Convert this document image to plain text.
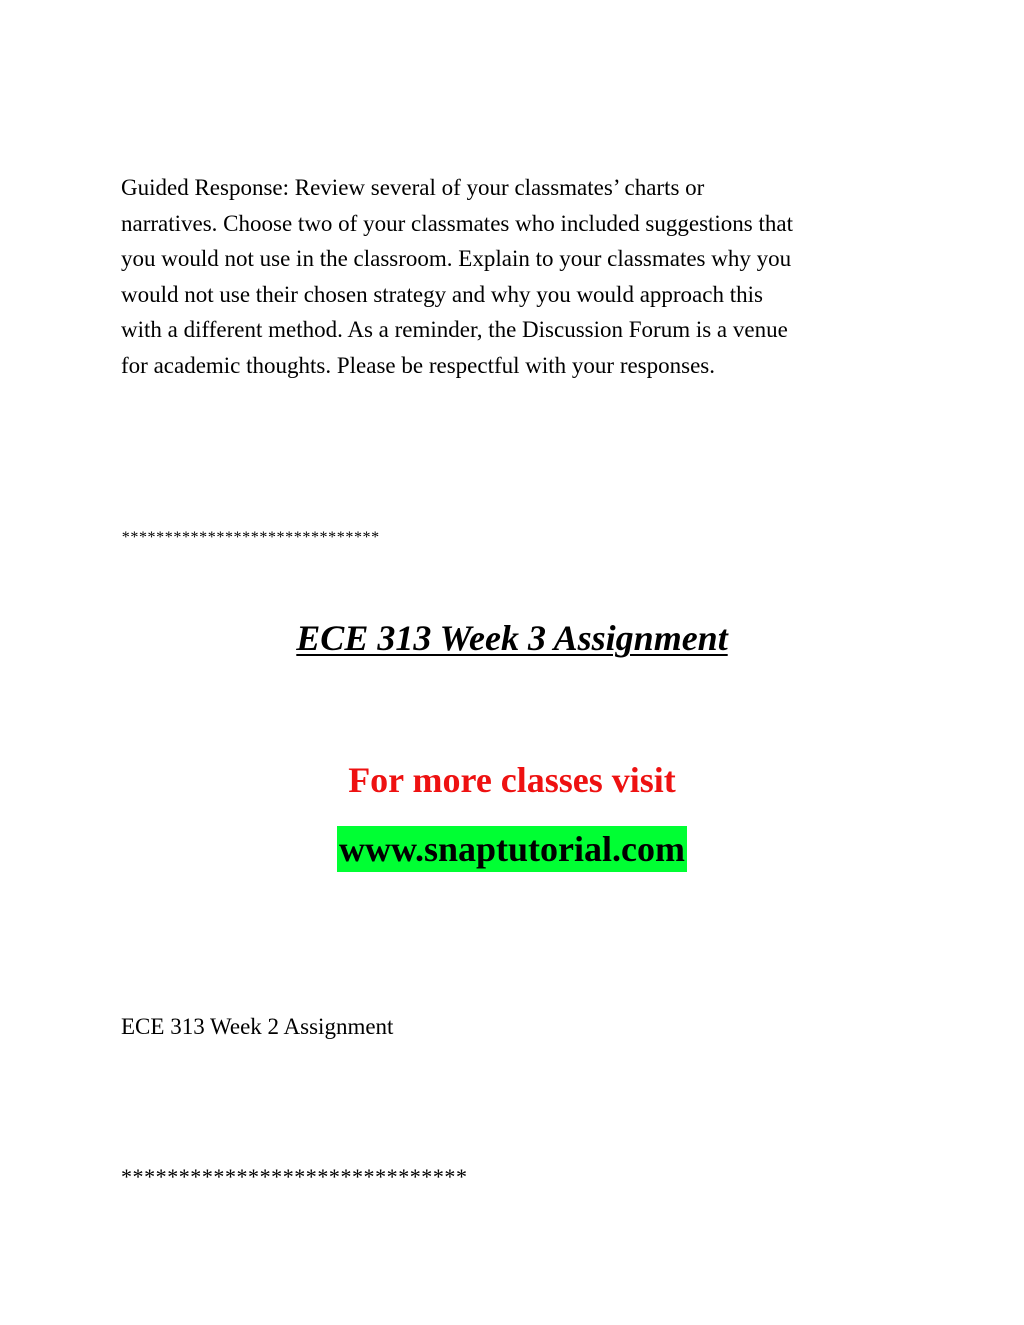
Guided Response: Review several of your classmates’ charts or
narratives. Choose two of your classmates who included suggestions that
you would not use in the classroom. Explain to your classmates why you
would not use their chosen strategy and why you would approach this
with a different method. As a reminder, the Discussion Forum is a venue
for academic thoughts. Please be respectful with your responses.

******************************

ECE 313 Week 3 Assignment

For more classes visit

www.snaptutorial.com

ECE 313 Week 2 Assignment

******************************
